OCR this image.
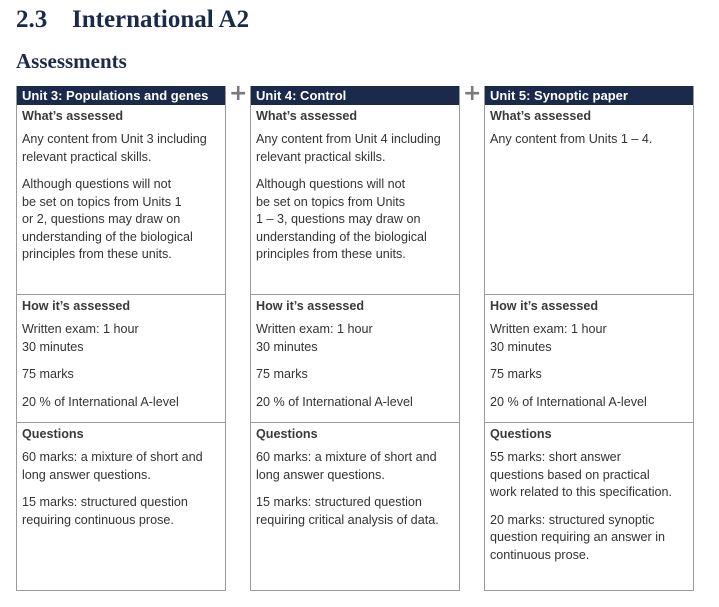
2.3 International A2
Assessments
Unit 3: Populations and genes
What’s assessed

Any content from Unit 3 including
relevant practical skills.

Although questions will not
be set on topics from Units 1
or 2, questions may draw on
understanding of the biological
principles from these units.

How it’s assessed

Written exam: 1 hour
30 minutes

75 marks

20 % of International A-level

Questions

60 marks: a mixture of short and
long answer questions.

15 marks: structured question
requiring continuous prose.

+ Unit 4: Control
What’s assessed

Any content from Unit 4 including
relevant practical skills.

Although questions will not
be set on topics from Units
1 – 3, questions may draw on
understanding of the biological
principles from these units.

How it’s assessed

Written exam: 1 hour
30 minutes

75 marks

20 % of International A-level

Questions

60 marks: a mixture of short and
long answer questions.

15 marks: structured question
requiring critical analysis of data.

+ Unit 5: Synoptic paper
What’s assessed

Any content from Units 1 – 4.

How it’s assessed

Written exam: 1 hour
30 minutes

75 marks

20 % of International A-level

Questions

55 marks: short answer
questions based on practical
work related to this specification.

20 marks: structured synoptic
question requiring an answer in
continuous prose.
